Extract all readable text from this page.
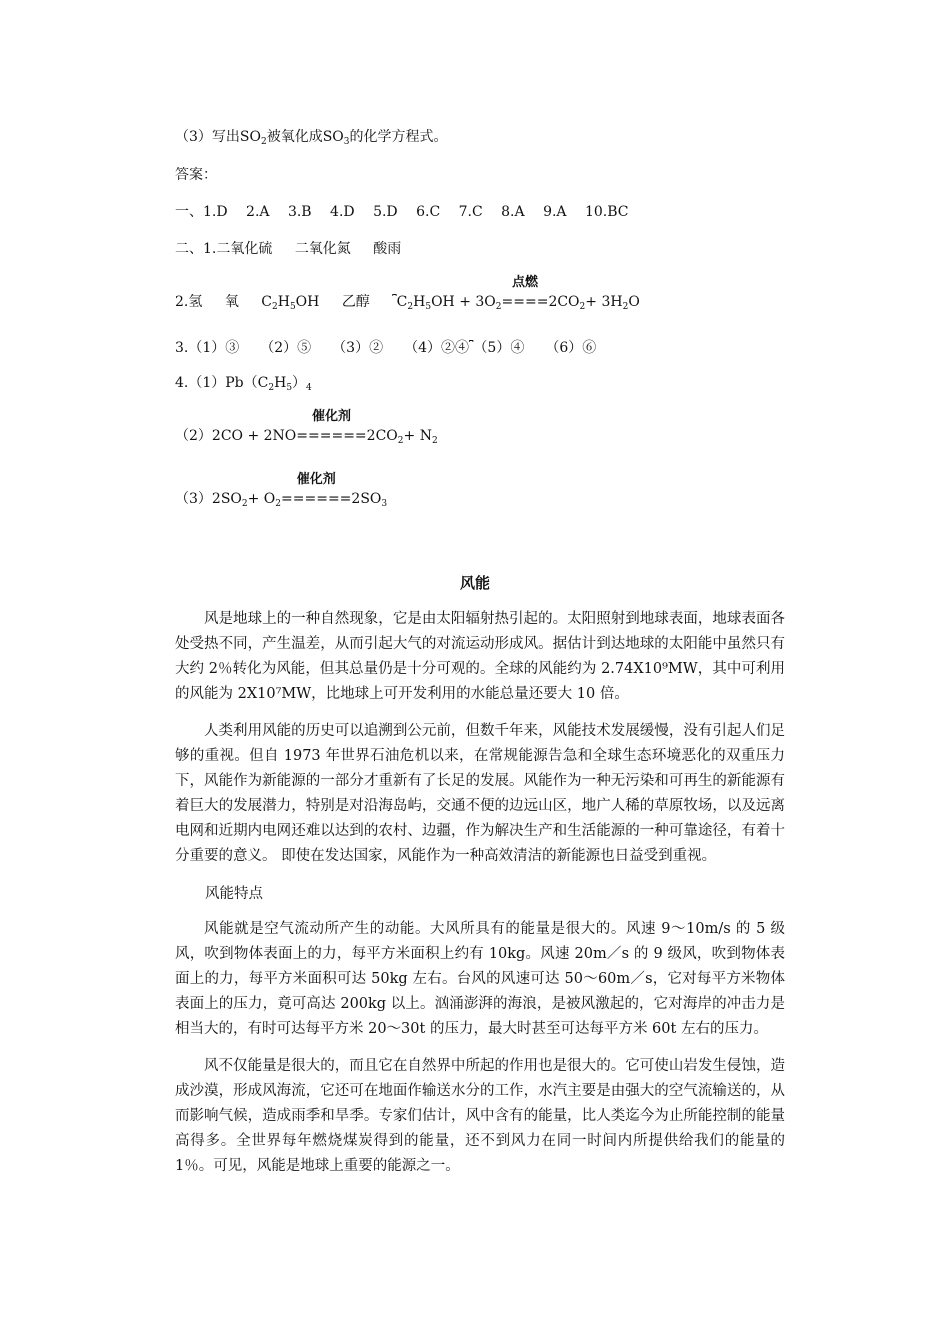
（3）写出$SO_2$被氧化成$SO_3$的化学方程式。
答案：
一、1.D　 2.A　 3.B　 4.D　 5.D　 6.C　 7.C　 8.A　 9.A　 10.BC
二、1.二氧化硫 二氧化氮 酸雨
2.氢 氧 $C_2H_5OH$ 乙醇 $⎴C_2H_5OH + 3O_2$
点燃
$====2CO_2+ 3H_2O$
3.（1）③　　（2）⑤　　（3）②　　（4）②④⎴（5）④　　（6）⑥
$4.(1)Pb(C_2H_5)_4$
（2）2CO + 2NO
催化剂
$======2CO_2+ N_2$
$(3)2SO_2+ O_2$
催化剂
$======2SO_3$
风能

风是地球上的一种自然现象，它是由太阳辐射热引起的。太阳照射到地球表面，地球表面各处受热不同，产生温差，从而引起大气的对流运动形成风。据估计到达地球的太阳能中虽然只有大约 2％转化为风能，但其总量仍是十分可观的。全球的风能约为 2.74X10⁹MW，其中可利用的风能为 2X10⁷MW，比地球上可开发利用的水能总量还要大 10 倍。

人类利用风能的历史可以追溯到公元前，但数千年来，风能技术发展缓慢，没有引起人们足够的重视。但自 1973 年世界石油危机以来，在常规能源告急和全球生态环境恶化的双重压力下，风能作为新能源的一部分才重新有了长足的发展。风能作为一种无污染和可再生的新能源有着巨大的发展潜力，特别是对沿海岛屿，交通不便的边远山区，地广人稀的草原牧场，以及远离电网和近期内电网还难以达到的农村、边疆，作为解决生产和生活能源的一种可靠途径，有着十分重要的意义。 即使在发达国家，风能作为一种高效清洁的新能源也日益受到重视。

风能特点

风能就是空气流动所产生的动能。大风所具有的能量是很大的。风速 9～10m/s 的 5 级风，吹到物体表面上的力，每平方米面积上约有 10kg。风速 20m／s 的 9 级风，吹到物体表面上的力，每平方米面积可达 50kg 左右。台风的风速可达 50～60m／s，它对每平方米物体表面上的压力，竟可高达 200kg 以上。汹涌澎湃的海浪，是被风激起的，它对海岸的冲击力是相当大的，有时可达每平方米 20～30t 的压力，最大时甚至可达每平方米 60t 左右的压力。

风不仅能量是很大的，而且它在自然界中所起的作用也是很大的。它可使山岩发生侵蚀，造成沙漠，形成风海流，它还可在地面作输送水分的工作，水汽主要是由强大的空气流输送的，从而影响气候，造成雨季和旱季。专家们估计，风中含有的能量，比人类迄今为止所能控制的能量高得多。全世界每年燃烧煤炭得到的能量，还不到风力在同一时间内所提供给我们的能量的 1％。可见，风能是地球上重要的能源之一。
